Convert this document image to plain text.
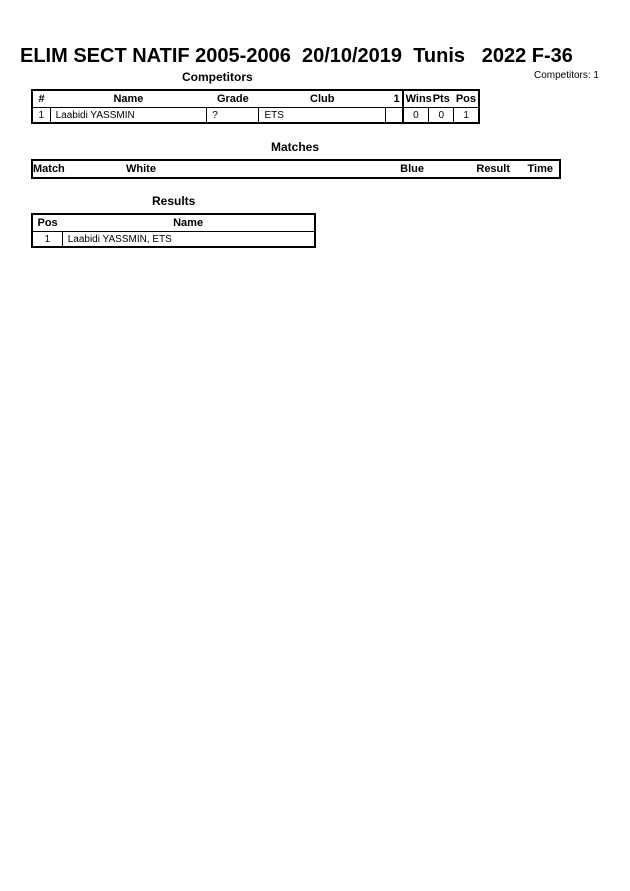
ELIM SECT NATIF 2005-2006 20/10/2019 Tunis 2022 F-36
Competitors: 1
Competitors
#	Name	Grade	Club	1	Wins	Pts	Pos
1	Laabidi YASSMIN	?	ETS		0	0	1
Matches
Match	White	Blue	Result	Time
Results
Pos	Name
1	Laabidi YASSMIN, ETS
